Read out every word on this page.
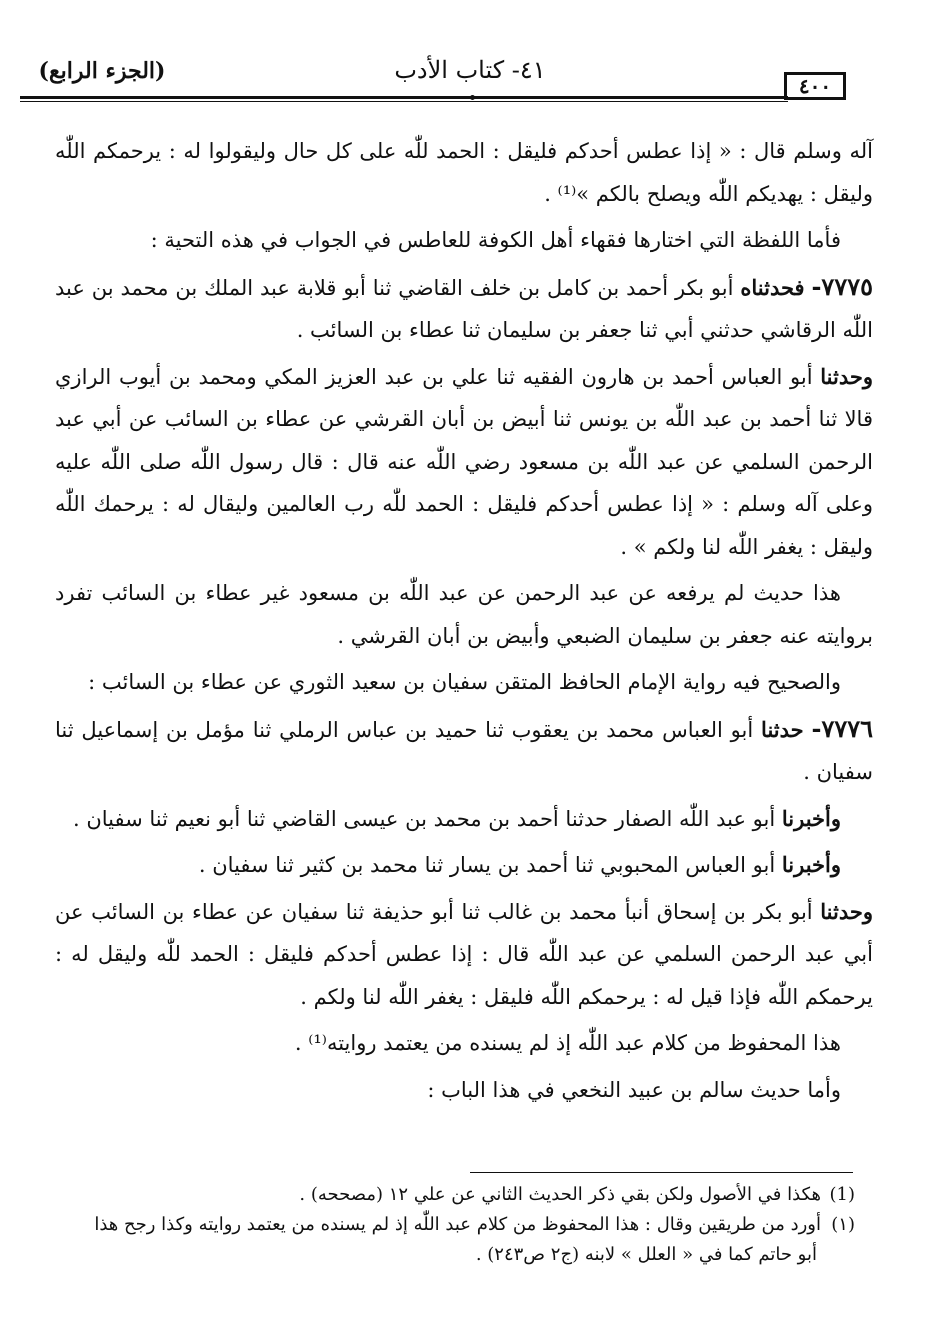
(الجزء الرابع)	٤١- كتاب الأدب
٤٠٠

آله وسلم قال : « إذا عطس أحدكم فليقل : الحمد للّٰه على كل حال وليقولوا له : يرحمكم اللّٰه وليقل : يهديكم اللّٰه ويصلح بالكم »⁽¹⁾ .

فأما اللفظة التي اختارها فقهاء أهل الكوفة للعاطس في الجواب في هذه التحية :

٧٧٧٥- فحدثناه أبو بكر أحمد بن كامل بن خلف القاضي ثنا أبو قلابة عبد الملك بن محمد بن عبد اللّٰه الرقاشي حدثني أبي ثنا جعفر بن سليمان ثنا عطاء بن السائب .

وحدثنا أبو العباس أحمد بن هارون الفقيه ثنا علي بن عبد العزيز المكي ومحمد بن أيوب الرازي قالا ثنا أحمد بن عبد اللّٰه بن يونس ثنا أبيض بن أبان القرشي عن عطاء بن السائب عن أبي عبد الرحمن السلمي عن عبد اللّٰه بن مسعود رضي اللّٰه عنه قال : قال رسول اللّٰه صلى اللّٰه عليه وعلى آله وسلم : « إذا عطس أحدكم فليقل : الحمد للّٰه رب العالمين وليقال له : يرحمك اللّٰه وليقل : يغفر اللّٰه لنا ولكم » .

هذا حديث لم يرفعه عن عبد الرحمن عن عبد اللّٰه بن مسعود غير عطاء بن السائب تفرد بروايته عنه جعفر بن سليمان الضبعي وأبيض بن أبان القرشي .

والصحيح فيه رواية الإمام الحافظ المتقن سفيان بن سعيد الثوري عن عطاء بن السائب :

٧٧٧٦- حدثنا أبو العباس محمد بن يعقوب ثنا حميد بن عباس الرملي ثنا مؤمل بن إسماعيل ثنا سفيان .

وأخبرنا أبو عبد اللّٰه الصفار حدثنا أحمد بن محمد بن عيسى القاضي ثنا أبو نعيم ثنا سفيان .

وأخبرنا أبو العباس المحبوبي ثنا أحمد بن يسار ثنا محمد بن كثير ثنا سفيان .

وحدثنا أبو بكر بن إسحاق أنبأ محمد بن غالب ثنا أبو حذيفة ثنا سفيان عن عطاء بن السائب عن أبي عبد الرحمن السلمي عن عبد اللّٰه قال : إذا عطس أحدكم فليقل : الحمد للّٰه وليقل له : يرحمكم اللّٰه فإذا قيل له : يرحمكم اللّٰه فليقل : يغفر اللّٰه لنا ولكم .

هذا المحفوظ من كلام عبد اللّٰه إذ لم يسنده من يعتمد روايته⁽¹⁾ .

وأما حديث سالم بن عبيد النخعي في هذا الباب :

(1)هكذا في الأصول ولكن بقي ذكر الحديث الثاني عن علي ١٢ (مصححه) .

(١)أورد من طريقين وقال : هذا المحفوظ من كلام عبد اللّٰه إذ لم يسنده من يعتمد روايته وكذا رجح هذا

أبو حاتم كما في « العلل » لابنه (ج٢ ص٢٤٣) .
